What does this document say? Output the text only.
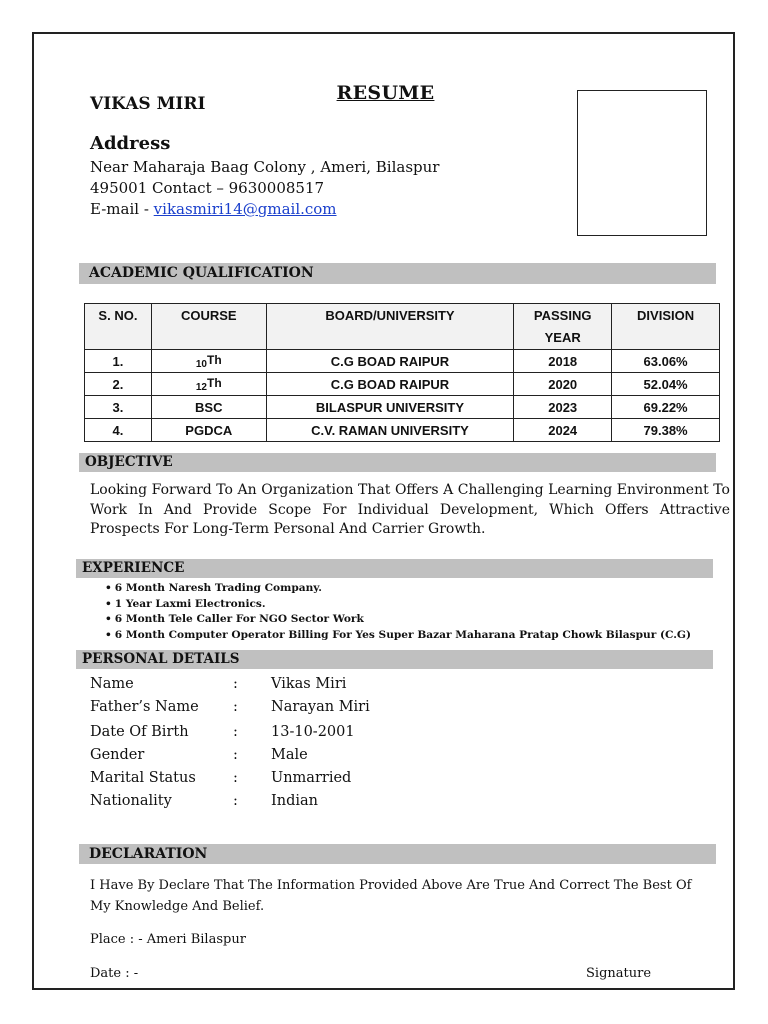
RESUME
VIKAS MIRI
Address
Near Maharaja Baag Colony , Ameri, Bilaspur
495001 Contact – 9630008517
E-mail - vikasmiri14@gmail.com
ACADEMIC QUALIFICATION
S. NO.	COURSE	BOARD/UNIVERSITY	PASSING YEAR	DIVISION
1.	10Th	C.G BOAD RAIPUR	2018	63.06%
2.	12Th	C.G BOAD RAIPUR	2020	52.04%
3.	BSC	BILASPUR UNIVERSITY	2023	69.22%
4.	PGDCA	C.V. RAMAN UNIVERSITY	2024	79.38%
OBJECTIVE
Looking Forward To An Organization That Offers A Challenging Learning Environment To Work In And Provide Scope For Individual Development, Which Offers Attractive Prospects For Long-Term Personal And Carrier Growth.
EXPERIENCE
• 6 Month Naresh Trading Company.
• 1 Year Laxmi Electronics.
• 6 Month Tele Caller For NGO Sector Work
• 6 Month Computer Operator Billing For Yes Super Bazar Maharana Pratap Chowk Bilaspur (C.G)
PERSONAL DETAILS
Name	: Vikas Miri
Father’s Name : Narayan Miri
Date Of Birth	: 13-10-2001
Gender	: Male
Marital Status	: Unmarried
Nationality	: Indian
DECLARATION
I Have By Declare That The Information Provided Above Are True And Correct The Best Of
My Knowledge And Belief.
Place : - Ameri Bilaspur
Date : -	Signature
